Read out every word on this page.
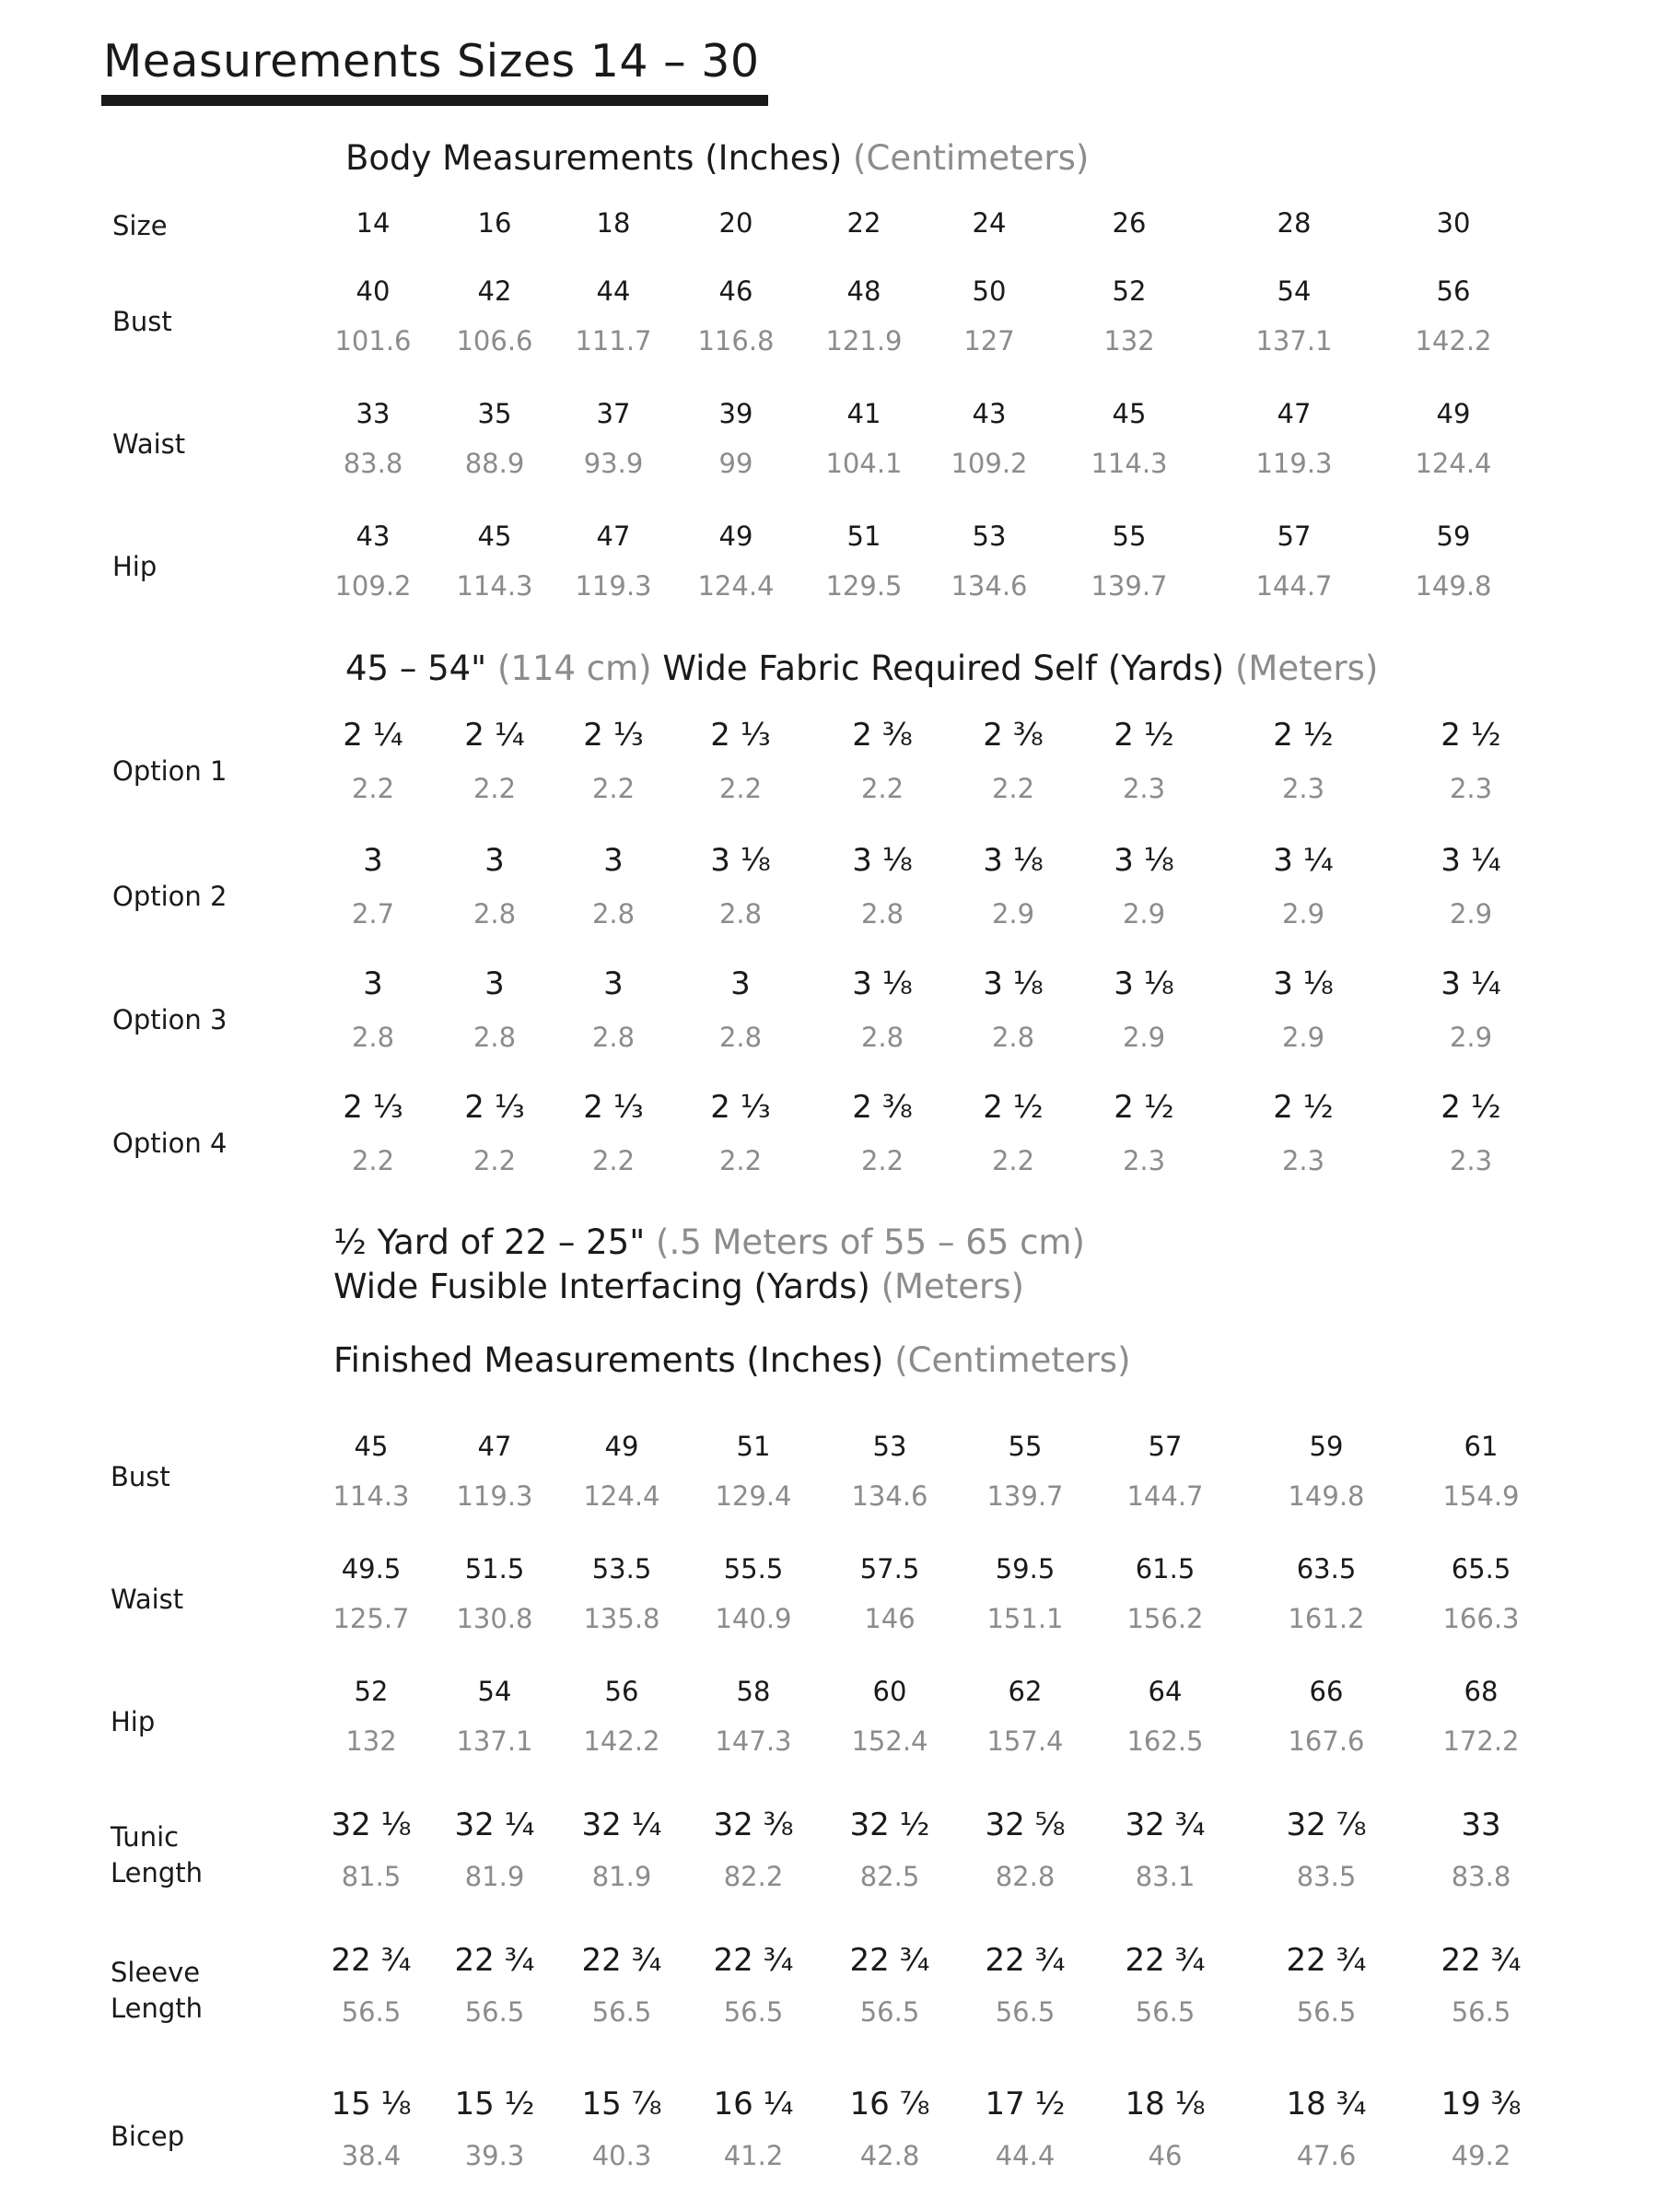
Measurements Sizes 14 – 30
Body Measurements (Inches) (Centimeters)
45 – 54" (114 cm) Wide Fabric Required Self (Yards) (Meters)
½ Yard of 22 – 25" (.5 Meters of 55 – 65 cm)
Wide Fusible Interfacing (Yards) (Meters)
Finished Measurements (Inches) (Centimeters)
Size	14	16	18	20	22	24	26	28	30
Bust
40	42	44	46	48	50	52	54	56
101.6	106.6	111.7	116.8	121.9	127	132	137.1	142.2
Waist
33	35	37	39	41	43	45	47	49
83.8	88.9	93.9	99	104.1	109.2	114.3	119.3	124.4
Hip
43	45	47	49	51	53	55	57	59
109.2	114.3	119.3	124.4	129.5	134.6	139.7	144.7	149.8
Option 1
2 ¼	2 ¼	2 ⅓	2 ⅓	2 ⅜	2 ⅜	2 ½	2 ½	2 ½
2.2	2.2	2.2	2.2	2.2	2.2	2.3	2.3	2.3
Option 2
3	3	3	3 ⅛	3 ⅛	3 ⅛	3 ⅛	3 ¼	3 ¼
2.7	2.8	2.8	2.8	2.8	2.9	2.9	2.9	2.9
Option 3
3	3	3	3	3 ⅛	3 ⅛	3 ⅛	3 ⅛	3 ¼
2.8	2.8	2.8	2.8	2.8	2.8	2.9	2.9	2.9
Option 4
2 ⅓	2 ⅓	2 ⅓	2 ⅓	2 ⅜	2 ½	2 ½	2 ½	2 ½
2.2	2.2	2.2	2.2	2.2	2.2	2.3	2.3	2.3
Bust
45	47	49	51	53	55	57	59	61
114.3	119.3	124.4	129.4	134.6	139.7	144.7	149.8	154.9
Waist
49.5	51.5	53.5	55.5	57.5	59.5	61.5	63.5	65.5
125.7	130.8	135.8	140.9	146	151.1	156.2	161.2	166.3
Hip
52	54	56	58	60	62	64	66	68
132	137.1	142.2	147.3	152.4	157.4	162.5	167.6	172.2
Tunic
Length
32 ⅛	32 ¼	32 ¼	32 ⅜	32 ½	32 ⅝	32 ¾	32 ⅞	33
81.5	81.9	81.9	82.2	82.5	82.8	83.1	83.5	83.8
Sleeve
Length
22 ¾	22 ¾	22 ¾	22 ¾	22 ¾	22 ¾	22 ¾	22 ¾	22 ¾
56.5	56.5	56.5	56.5	56.5	56.5	56.5	56.5	56.5
Bicep
15 ⅛	15 ½	15 ⅞	16 ¼	16 ⅞	17 ½	18 ⅛	18 ¾	19 ⅜
38.4	39.3	40.3	41.2	42.8	44.4	46	47.6	49.2
